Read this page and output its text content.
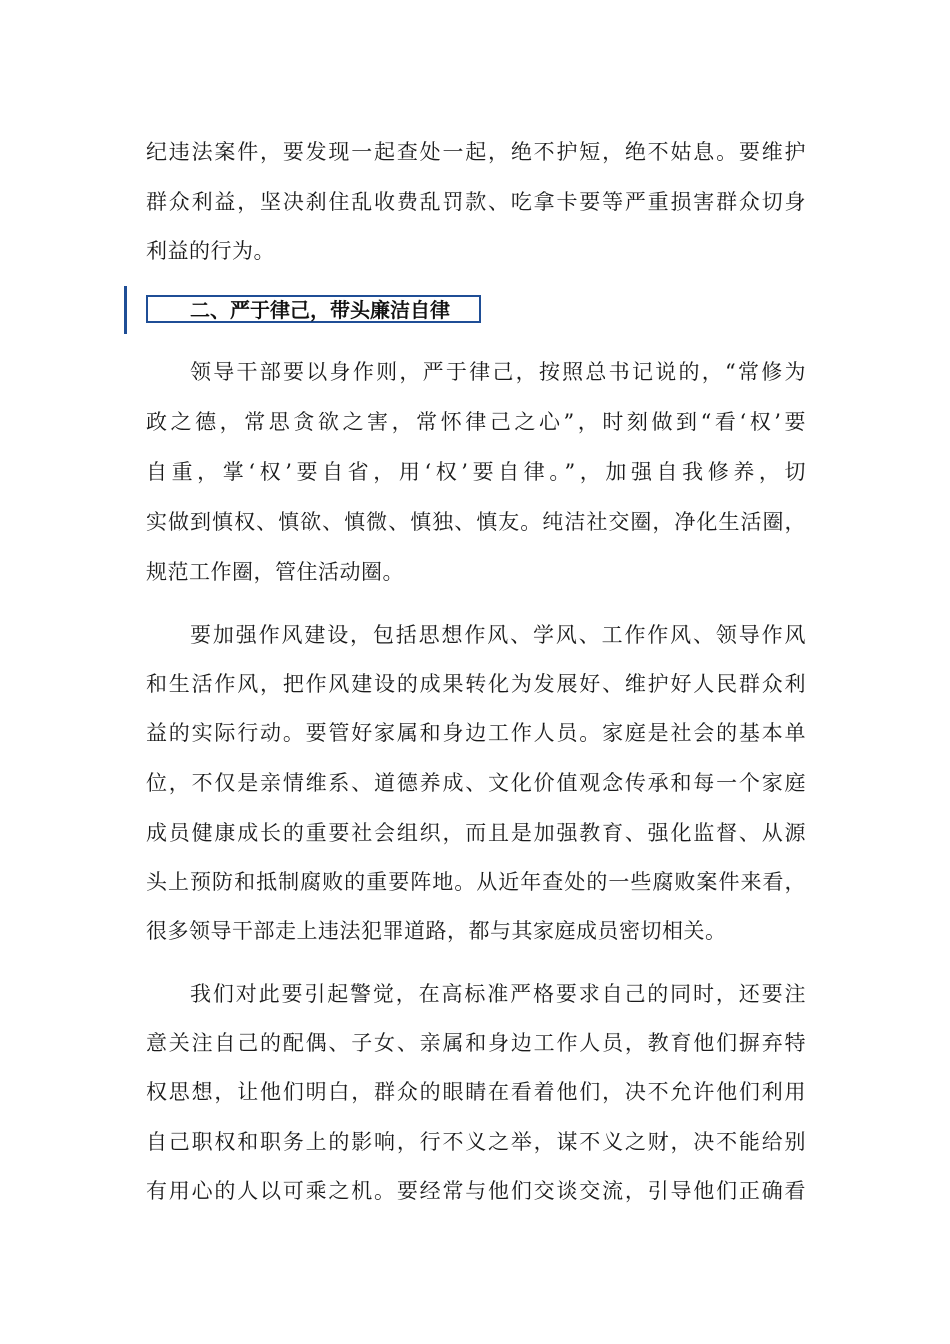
纪违法案件，要发现一起查处一起，绝不护短，绝不姑息。要维护
群众利益，坚决刹住乱收费乱罚款、吃拿卡要等严重损害群众切身
利益的行为。
二、严于律己，带头廉洁自律
领导干部要以身作则，严于律己，按照总书记说的，“常修为
政之德，常思贪欲之害，常怀律己之心”，时刻做到“看‘权’要
自重，掌‘权’要自省，用‘权’要自律。”，加强自我修养，切
实做到慎权、慎欲、慎微、慎独、慎友。纯洁社交圈，净化生活圈，
规范工作圈，管住活动圈。
要加强作风建设，包括思想作风、学风、工作作风、领导作风
和生活作风，把作风建设的成果转化为发展好、维护好人民群众利
益的实际行动。要管好家属和身边工作人员。家庭是社会的基本单
位，不仅是亲情维系、道德养成、文化价值观念传承和每一个家庭
成员健康成长的重要社会组织，而且是加强教育、强化监督、从源
头上预防和抵制腐败的重要阵地。从近年查处的一些腐败案件来看，
很多领导干部走上违法犯罪道路，都与其家庭成员密切相关。
我们对此要引起警觉，在高标准严格要求自己的同时，还要注
意关注自己的配偶、子女、亲属和身边工作人员，教育他们摒弃特
权思想，让他们明白，群众的眼睛在看着他们，决不允许他们利用
自己职权和职务上的影响，行不义之举，谋不义之财，决不能给别
有用心的人以可乘之机。要经常与他们交谈交流，引导他们正确看
